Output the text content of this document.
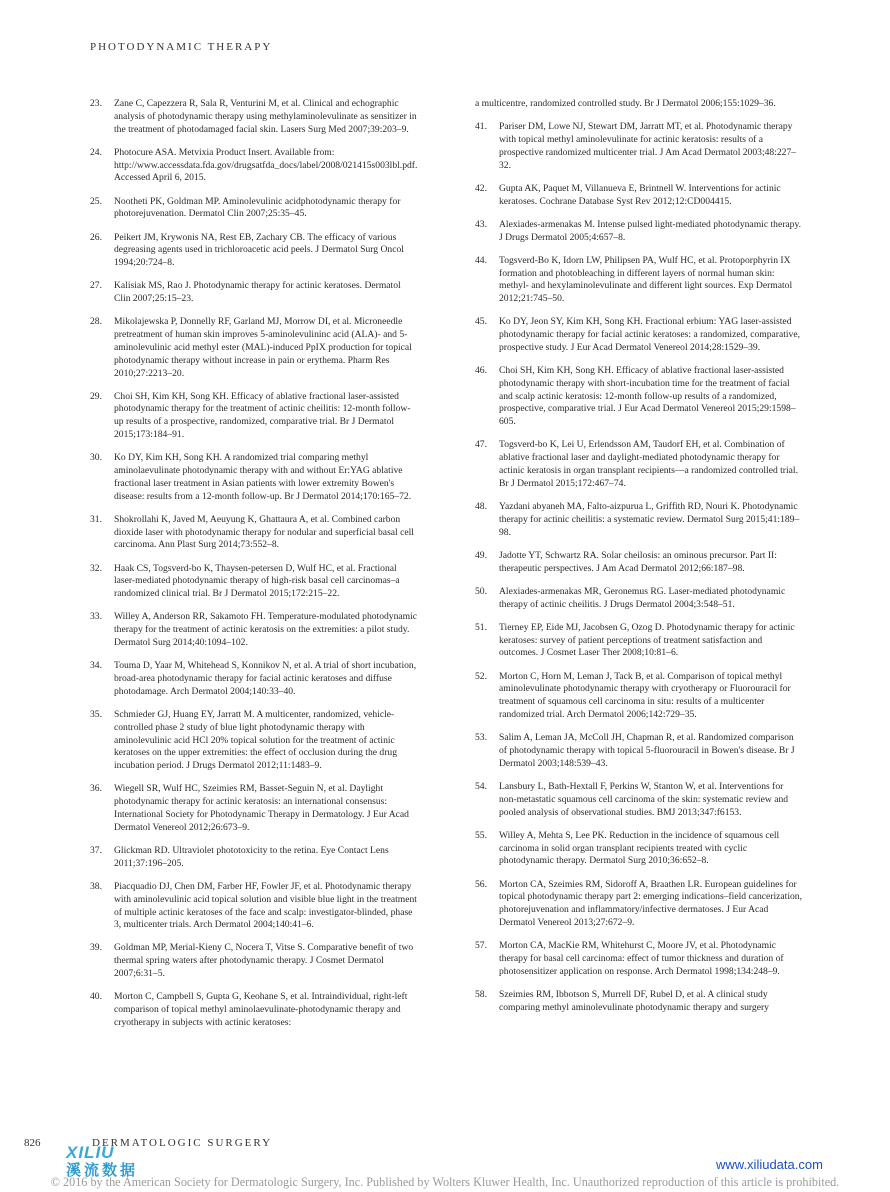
PHOTODYNAMIC THERAPY
23. Zane C, Capezzera R, Sala R, Venturini M, et al. Clinical and echographic analysis of photodynamic therapy using methylaminolevulinate as sensitizer in the treatment of photodamaged facial skin. Lasers Surg Med 2007;39:203–9.
24. Photocure ASA. Metvixia Product Insert. Available from: http://www.accessdata.fda.gov/drugsatfda_docs/label/2008/021415s003lbl.pdf. Accessed April 6, 2015.
25. Nootheti PK, Goldman MP. Aminolevulinic acidphotodynamic therapy for photorejuvenation. Dermatol Clin 2007;25:35–45.
26. Peikert JM, Krywonis NA, Rest EB, Zachary CB. The efficacy of various degreasing agents used in trichloroacetic acid peels. J Dermatol Surg Oncol 1994;20:724–8.
27. Kalisiak MS, Rao J. Photodynamic therapy for actinic keratoses. Dermatol Clin 2007;25:15–23.
28. Mikolajewska P, Donnelly RF, Garland MJ, Morrow DI, et al. Microneedle pretreatment of human skin improves 5-aminolevulininc acid (ALA)- and 5-aminolevulinic acid methyl ester (MAL)-induced PpIX production for topical photodynamic therapy without increase in pain or erythema. Pharm Res 2010;27:2213–20.
29. Choi SH, Kim KH, Song KH. Efficacy of ablative fractional laser-assisted photodynamic therapy for the treatment of actinic cheilitis: 12-month follow-up results of a prospective, randomized, comparative trial. Br J Dermatol 2015;173:184–91.
30. Ko DY, Kim KH, Song KH. A randomized trial comparing methyl aminolaevulinate photodynamic therapy with and without Er:YAG ablative fractional laser treatment in Asian patients with lower extremity Bowen's disease: results from a 12-month follow-up. Br J Dermatol 2014;170:165–72.
31. Shokrollahi K, Javed M, Aeuyung K, Ghattaura A, et al. Combined carbon dioxide laser with photodynamic therapy for nodular and superficial basal cell carcinoma. Ann Plast Surg 2014;73:552–8.
32. Haak CS, Togsverd-bo K, Thaysen-petersen D, Wulf HC, et al. Fractional laser-mediated photodynamic therapy of high-risk basal cell carcinomas–a randomized clinical trial. Br J Dermatol 2015;172:215–22.
33. Willey A, Anderson RR, Sakamoto FH. Temperature-modulated photodynamic therapy for the treatment of actinic keratosis on the extremities: a pilot study. Dermatol Surg 2014;40:1094–102.
34. Touma D, Yaar M, Whitehead S, Konnikov N, et al. A trial of short incubation, broad-area photodynamic therapy for facial actinic keratoses and diffuse photodamage. Arch Dermatol 2004;140:33–40.
35. Schmieder GJ, Huang EY, Jarratt M. A multicenter, randomized, vehicle-controlled phase 2 study of blue light photodynamic therapy with aminolevulinic acid HCl 20% topical solution for the treatment of actinic keratoses on the upper extremities: the effect of occlusion during the drug incubation period. J Drugs Dermatol 2012;11:1483–9.
36. Wiegell SR, Wulf HC, Szeimies RM, Basset-Seguin N, et al. Daylight photodynamic therapy for actinic keratosis: an international consensus: International Society for Photodynamic Therapy in Dermatology. J Eur Acad Dermatol Venereol 2012;26:673–9.
37. Glickman RD. Ultraviolet phototoxicity to the retina. Eye Contact Lens 2011;37:196–205.
38. Piacquadio DJ, Chen DM, Farber HF, Fowler JF, et al. Photodynamic therapy with aminolevulinic acid topical solution and visible blue light in the treatment of multiple actinic keratoses of the face and scalp: investigator-blinded, phase 3, multicenter trials. Arch Dermatol 2004;140:41–6.
39. Goldman MP, Merial-Kieny C, Nocera T, Vitse S. Comparative benefit of two thermal spring waters after photodynamic therapy. J Cosmet Dermatol 2007;6:31–5.
40. Morton C, Campbell S, Gupta G, Keohane S, et al. Intraindividual, right-left comparison of topical methyl aminolaevulinate-photodynamic therapy and cryotherapy in subjects with actinic keratoses:
a multicentre, randomized controlled study. Br J Dermatol 2006;155:1029–36.
41. Pariser DM, Lowe NJ, Stewart DM, Jarratt MT, et al. Photodynamic therapy with topical methyl aminolevulinate for actinic keratosis: results of a prospective randomized multicenter trial. J Am Acad Dermatol 2003;48:227–32.
42. Gupta AK, Paquet M, Villanueva E, Brintnell W. Interventions for actinic keratoses. Cochrane Database Syst Rev 2012;12:CD004415.
43. Alexiades-armenakas M. Intense pulsed light-mediated photodynamic therapy. J Drugs Dermatol 2005;4:657–8.
44. Togsverd-Bo K, Idorn LW, Philipsen PA, Wulf HC, et al. Protoporphyrin IX formation and photobleaching in different layers of normal human skin: methyl- and hexylaminolevulinate and different light sources. Exp Dermatol 2012;21:745–50.
45. Ko DY, Jeon SY, Kim KH, Song KH. Fractional erbium: YAG laser-assisted photodynamic therapy for facial actinic keratoses: a randomized, comparative, prospective study. J Eur Acad Dermatol Venereol 2014;28:1529–39.
46. Choi SH, Kim KH, Song KH. Efficacy of ablative fractional laser-assisted photodynamic therapy with short-incubation time for the treatment of facial and scalp actinic keratosis: 12-month follow-up results of a randomized, prospective, comparative trial. J Eur Acad Dermatol Venereol 2015;29:1598–605.
47. Togsverd-bo K, Lei U, Erlendsson AM, Taudorf EH, et al. Combination of ablative fractional laser and daylight-mediated photodynamic therapy for actinic keratosis in organ transplant recipients—a randomized controlled trial. Br J Dermatol 2015;172:467–74.
48. Yazdani abyaneh MA, Falto-aizpurua L, Griffith RD, Nouri K. Photodynamic therapy for actinic cheilitis: a systematic review. Dermatol Surg 2015;41:189–98.
49. Jadotte YT, Schwartz RA. Solar cheilosis: an ominous precursor. Part II: therapeutic perspectives. J Am Acad Dermatol 2012;66:187–98.
50. Alexiades-armenakas MR, Geronemus RG. Laser-mediated photodynamic therapy of actinic cheilitis. J Drugs Dermatol 2004;3:548–51.
51. Tierney EP, Eide MJ, Jacobsen G, Ozog D. Photodynamic therapy for actinic keratoses: survey of patient perceptions of treatment satisfaction and outcomes. J Cosmet Laser Ther 2008;10:81–6.
52. Morton C, Horn M, Leman J, Tack B, et al. Comparison of topical methyl aminolevulinate photodynamic therapy with cryotherapy or Fluorouracil for treatment of squamous cell carcinoma in situ: results of a multicenter randomized trial. Arch Dermatol 2006;142:729–35.
53. Salim A, Leman JA, McColl JH, Chapman R, et al. Randomized comparison of photodynamic therapy with topical 5-fluorouracil in Bowen's disease. Br J Dermatol 2003;148:539–43.
54. Lansbury L, Bath-Hextall F, Perkins W, Stanton W, et al. Interventions for non-metastatic squamous cell carcinoma of the skin: systematic review and pooled analysis of observational studies. BMJ 2013;347:f6153.
55. Willey A, Mehta S, Lee PK. Reduction in the incidence of squamous cell carcinoma in solid organ transplant recipients treated with cyclic photodynamic therapy. Dermatol Surg 2010;36:652–8.
56. Morton CA, Szeimies RM, Sidoroff A, Braathen LR. European guidelines for topical photodynamic therapy part 2: emerging indications–field cancerization, photorejuvenation and inflammatory/infective dermatoses. J Eur Acad Dermatol Venereol 2013;27:672–9.
57. Morton CA, MacKie RM, Whitehurst C, Moore JV, et al. Photodynamic therapy for basal cell carcinoma: effect of tumor thickness and duration of photosensitizer application on response. Arch Dermatol 1998;134:248–9.
58. Szeimies RM, Ibbotson S, Murrell DF, Rubel D, et al. A clinical study comparing methyl aminolevulinate photodynamic therapy and surgery
826	DERMATOLOGIC SURGERY
XILIU
溪流数据	www.xiliudata.com
© 2016 by the American Society for Dermatologic Surgery, Inc. Published by Wolters Kluwer Health, Inc. Unauthorized reproduction of this article is prohibited.
